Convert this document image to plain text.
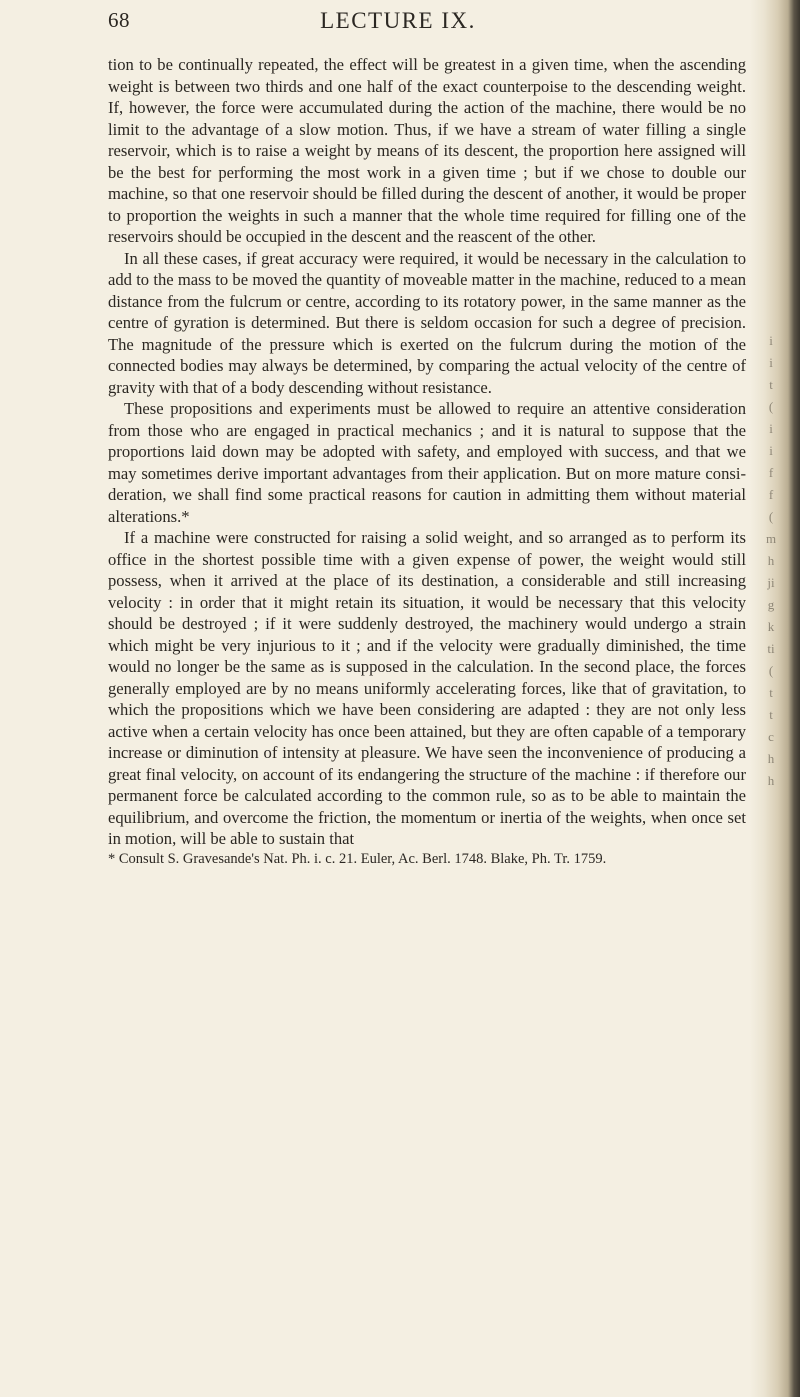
68	LECTURE IX.

tion to be continually repeated, the effect will be greatest in a given time, when the ascending weight is between two thirds and one half of the exact counterpoise to the descending weight. If, however, the force were accumulated during the action of the machine, there would be no limit to the advantage of a slow motion. Thus, if we have a stream of water filling a single reservoir, which is to raise a weight by means of its descent, the proportion here assigned will be the best for performing the most work in a given time ; but if we chose to double our machine, so that one reservoir should be filled during the descent of another, it would be proper to proportion the weights in such a manner that the whole time required for filling one of the reservoirs should be occupied in the descent and the reascent of the other.

In all these cases, if great accuracy were required, it would be necessary in the calculation to add to the mass to be moved the quantity of moveable matter in the machine, reduced to a mean distance from the fulcrum or centre, according to its rotatory power, in the same manner as the centre of gyration is determined. But there is seldom occasion for such a degree of precision. The magnitude of the pressure which is exerted on the fulcrum during the motion of the connected bodies may always be determined, by comparing the actual velocity of the centre of gravity with that of a body descending without resistance.

These propositions and experiments must be allowed to require an attentive consideration from those who are engaged in practical mechanics ; and it is natural to suppose that the proportions laid down may be adopted with safety, and employed with success, and that we may sometimes derive important advantages from their application. But on more mature consideration, we shall find some practical reasons for caution in admitting them without material alterations.*

If a machine were constructed for raising a solid weight, and so arranged as to perform its office in the shortest possible time with a given expense of power, the weight would still possess, when it arrived at the place of its destination, a considerable and still increasing velocity : in order that it might retain its situation, it would be necessary that this velocity should be destroyed ; if it were suddenly destroyed, the machinery would undergo a strain which might be very injurious to it ; and if the velocity were gradually diminished, the time would no longer be the same as is supposed in the calculation. In the second place, the forces generally employed are by no means uniformly accelerating forces, like that of gravitation, to which the propositions which we have been considering are adapted : they are not only less active when a certain velocity has once been attained, but they are often capable of a temporary increase or diminution of intensity at pleasure. We have seen the inconvenience of producing a great final velocity, on account of its endangering the structure of the machine : if therefore our permanent force be calculated according to the common rule, so as to be able to maintain the equilibrium, and overcome the friction, the momentum or inertia of the weights, when once set in motion, will be able to sustain that

* Consult S. Gravesande's Nat. Ph. i. c. 21. Euler, Ac. Berl. 1748. Blake, Ph. Tr. 1759.

i
i
t
(
i
i
f
f
(
m
h
ji
g
k
ti
(
t
t
c
h
h
